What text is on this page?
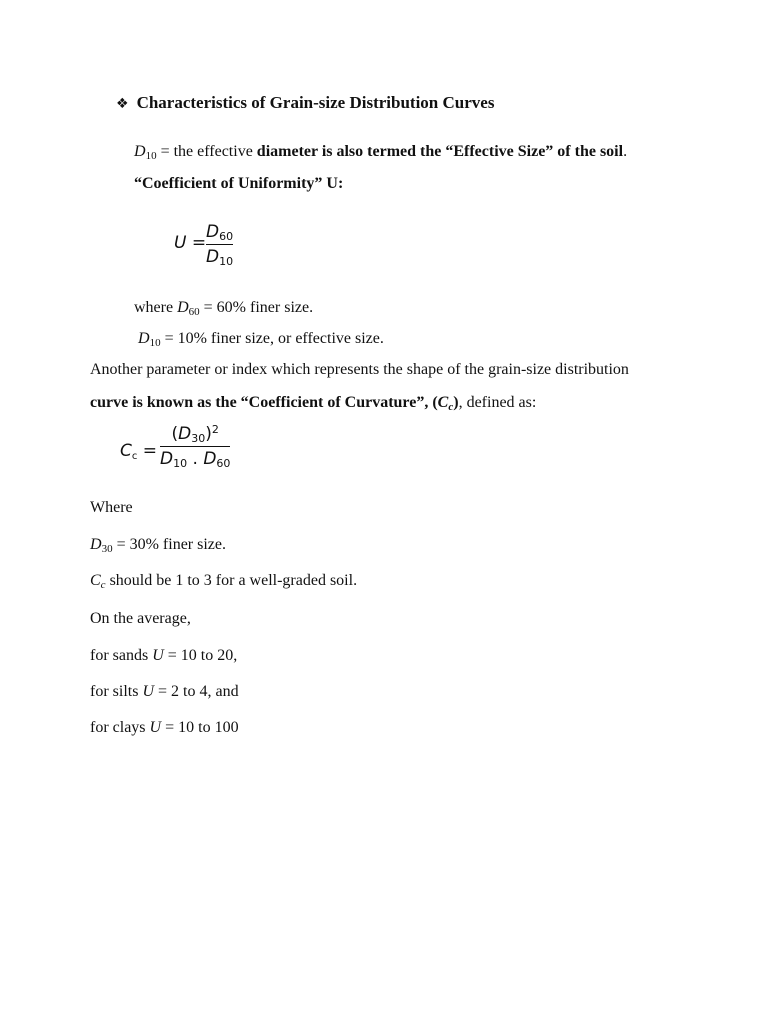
❖ Characteristics of Grain-size Distribution Curves
$D_{10}$ = the effective diameter is also termed the “Effective Size” of the soil.
“Coefficient of Uniformity” U:
U =
$D_{60}$
$D_{10}$
where $D_{60} = 60\%$ finer size.
$D_{10} = 10\%$ finer size, or effective size.
Another parameter or index which represents the shape of the grain-size distribution
curve is known as the “Coefficient of Curvature”, $(C_c)$, defined as:
$C_c$ =
$(D_{30})^2$
$D_{10}$ . $D_{60}$
Where
$D_{30} = 30\%$ finer size.
$C_c$ should be 1 to 3 for a well-graded soil.
On the average,
for sands U = 10 to 20,
for silts U = 2 to 4, and
for clays U = 10 to 100
